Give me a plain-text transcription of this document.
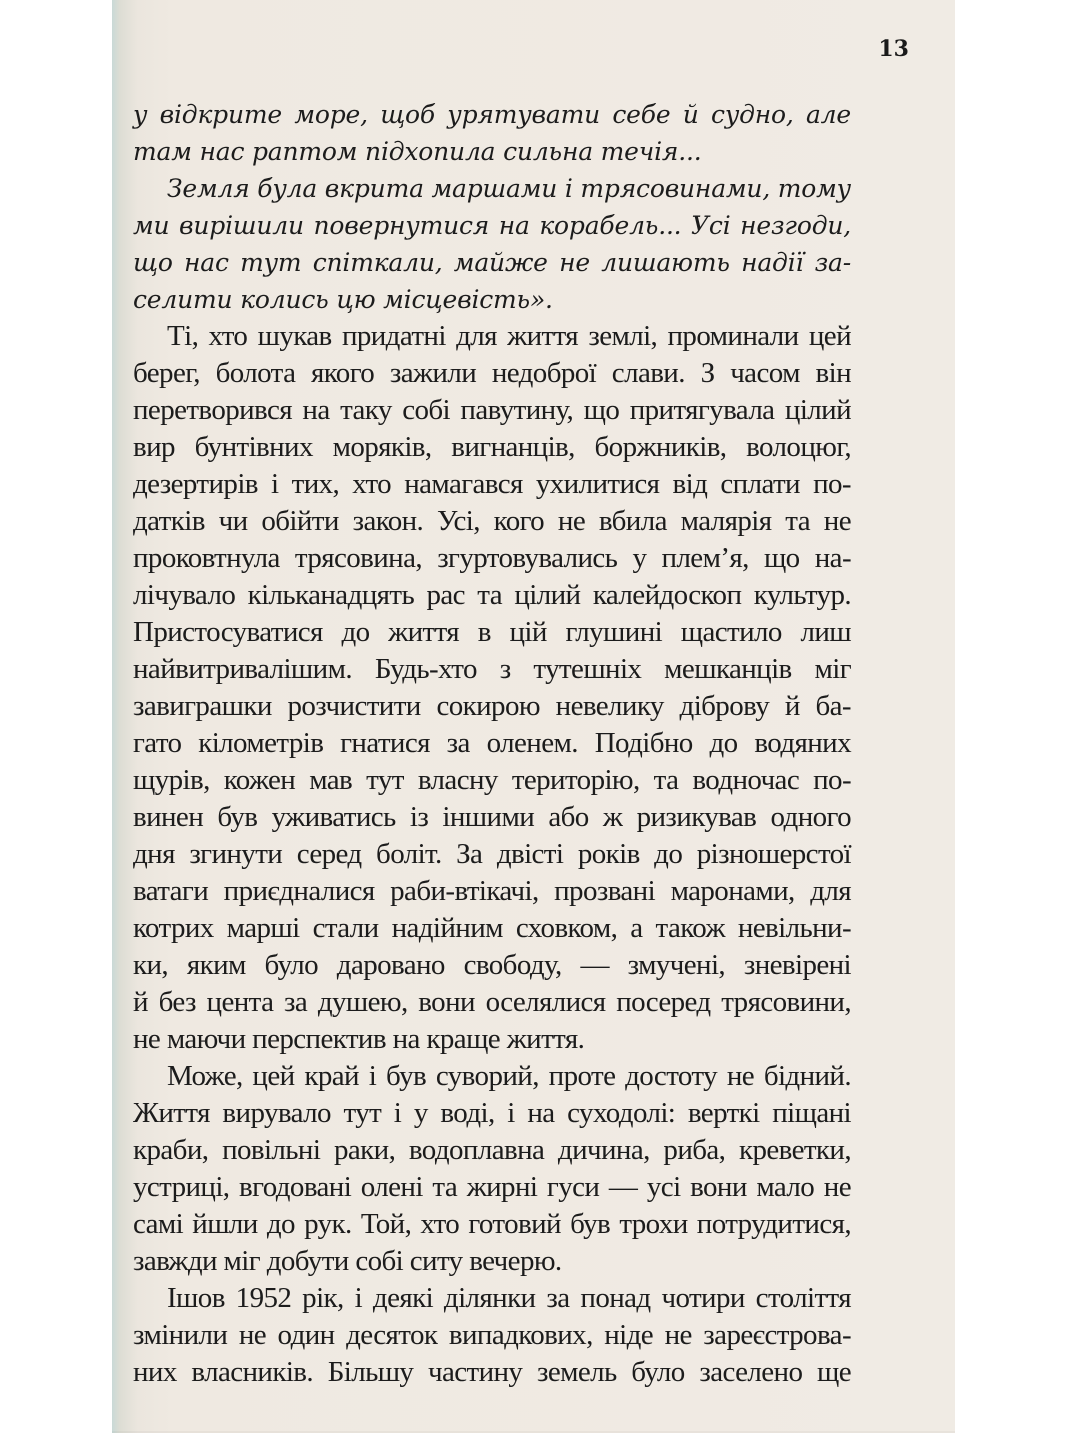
13
у відкрите море, щоб урятувати себе й судно, але
там нас раптом підхопила сильна течія...
Земля була вкрита маршами і трясовинами, тому
ми вирішили повернутися на корабель... Усі незгоди,
що нас тут спіткали, майже не лишають надії за-
селити колись цю місцевість».
Ті, хто шукав придатні для життя землі, проминали цей
берег, болота якого зажили недоброї слави. З часом він
перетворився на таку собі павутину, що притягувала цілий
вир бунтівних моряків, вигнанців, боржників, волоцюг,
дезертирів і тих, хто намагався ухилитися від сплати по-
датків чи обійти закон. Усі, кого не вбила малярія та не
проковтнула трясовина, згуртовувались у плем’я, що на-
лічувало кільканадцять рас та цілий калейдоскоп культур.
Пристосуватися до життя в цій глушині щастило лиш
найвитривалішим. Будь-хто з тутешніх мешканців міг
завиграшки розчистити сокирою невелику діброву й ба-
гато кілометрів гнатися за оленем. Подібно до водяних
щурів, кожен мав тут власну територію, та водночас по-
винен був уживатись із іншими або ж ризикував одного
дня згинути серед боліт. За двісті років до різношерстої
ватаги приєдналися раби-втікачі, прозвані маронами, для
котрих марші стали надійним сховком, а також невільни-
ки, яким було даровано свободу, — змучені, зневірені
й без цента за душею, вони оселялися посеред трясовини,
не маючи перспектив на краще життя.
Може, цей край і був суворий, проте достоту не бідний.
Життя вирувало тут і у воді, і на суходолі: верткі піщані
краби, повільні раки, водоплавна дичина, риба, креветки,
устриці, вгодовані олені та жирні гуси — усі вони мало не
самі йшли до рук. Той, хто готовий був трохи потрудитися,
завжди міг добути собі ситу вечерю.
Ішов 1952 рік, і деякі ділянки за понад чотири століття
змінили не один десяток випадкових, ніде не зареєстрова-
них власників. Більшу частину земель було заселено ще
